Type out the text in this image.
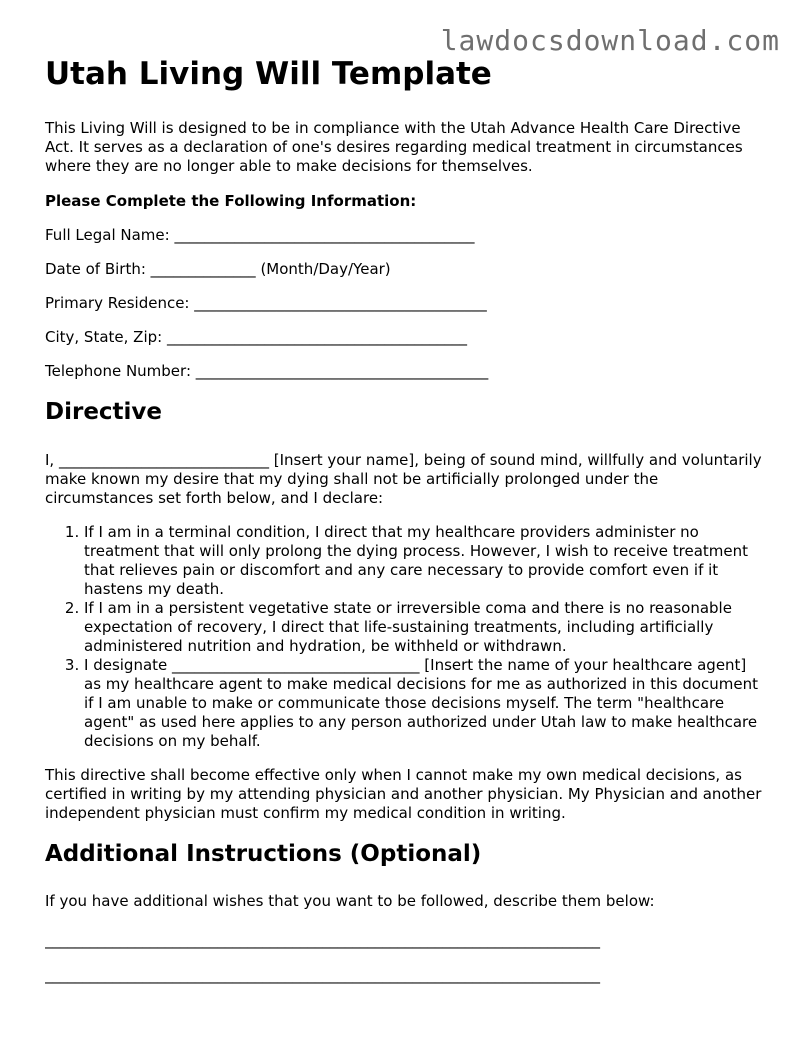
lawdocsdownload.com
Utah Living Will Template

This Living Will is designed to be in compliance with the Utah Advance Health Care Directive Act. It serves as a declaration of one's desires regarding medical treatment in circumstances where they are no longer able to make decisions for themselves.

Please Complete the Following Information:

Full Legal Name: ________________________________________
Date of Birth: ______________ (Month/Day/Year)
Primary Residence: _______________________________________
City, State, Zip: ________________________________________
Telephone Number: _______________________________________
Directive

I, ____________________________ [Insert your name], being of sound mind, willfully and voluntarily make known my desire that my dying shall not be artificially prolonged under the circumstances set forth below, and I declare:

1. If I am in a terminal condition, I direct that my healthcare providers administer no treatment that will only prolong the dying process. However, I wish to receive treatment that relieves pain or discomfort and any care necessary to provide comfort even if it hastens my death.
2. If I am in a persistent vegetative state or irreversible coma and there is no reasonable expectation of recovery, I direct that life-sustaining treatments, including artificially administered nutrition and hydration, be withheld or withdrawn.
3. I designate _________________________________ [Insert the name of your healthcare agent] as my healthcare agent to make medical decisions for me as authorized in this document if I am unable to make or communicate those decisions myself. The term "healthcare agent" as used here applies to any person authorized under Utah law to make healthcare decisions on my behalf.

This directive shall become effective only when I cannot make my own medical decisions, as certified in writing by my attending physician and another physician. My Physician and another independent physician must confirm my medical condition in writing.

Additional Instructions (Optional)

If you have additional wishes that you want to be followed, describe them below:

__________________________________________________________________________
__________________________________________________________________________
